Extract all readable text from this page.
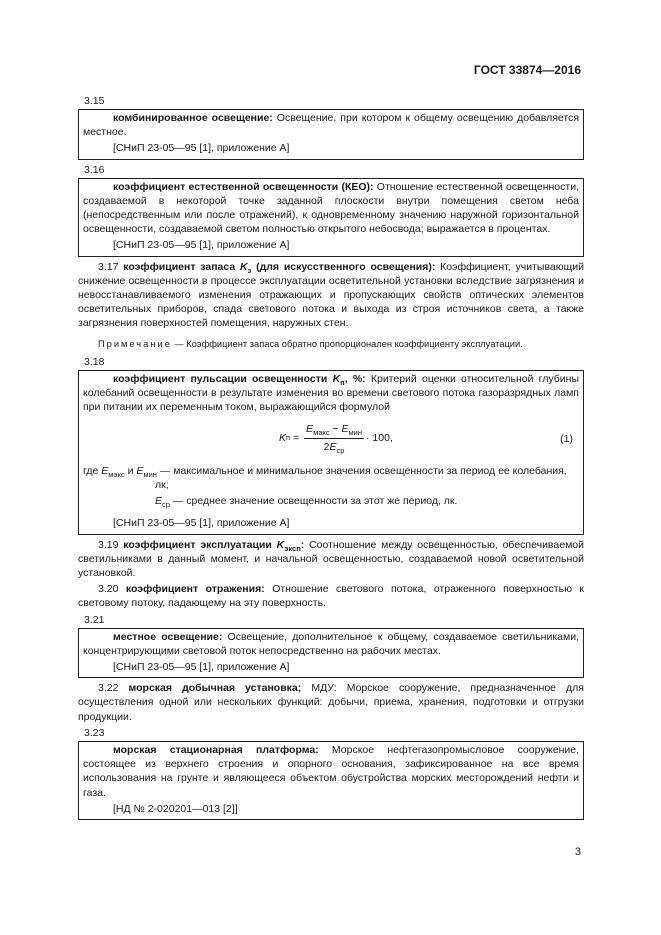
ГОСТ 33874—2016
3.15

комбинированное освещение: Освещение, при котором к общему освещению добавляется местное.

[СНиП 23-05—95 [1], приложение А]

3.16

коэффициент естественной освещенности (КЕО): Отношение естественной освещенности, создаваемой в некоторой точке заданной плоскости внутри помещения светом неба (непосредственным или после отражений), к одновременному значению наружной горизонтальной освещенности, создаваемой светом полностью открытого небосвода; выражается в процентах.

[СНиП 23-05—95 [1], приложение А]

3.17 коэффициент запаса $K_з$ (для искусственного освещения): Коэффициент, учитывающий снижение освещенности в процессе эксплуатации осветительной установки вследствие загрязнения и невосстанавливаемого изменения отражающих и пропускающих свойств оптических элементов осветительных приборов, спада светового потока и выхода из строя источников света, а также загрязнения поверхностей помещения, наружных стен.

Примечание — Коэффициент запаса обратно пропорционален коэффициенту эксплуатации.

3.18

коэффициент пульсации освещенности $K_п$, %: Критерий оценки относительной глубины колебаний освещенности в результате изменения во времени светового потока газоразрядных ламп при питании их переменным током, выражающийся формулой

K $п = \frac{E_{макс} - E_{мин}}{2E_{ср}} \cdot 100$,	(1)
где $E_{макс}$ и $E_{мин}$ — максимальное и минимальное значения освещенности за период ее колебания,
лк;
$E_{ср}$ — среднее значение освещенности за этот же период, лк.

[СНиП 23-05—95 [1], приложение А]

3.19 коэффициент эксплуатации $K_{эксп}$: Соотношение между освещенностью, обеспечиваемой светильниками в данный момент, и начальной освещенностью, создаваемой новой осветительной установкой.

3.20 коэффициент отражения: Отношение светового потока, отраженного поверхностью к световому потоку, падающему на эту поверхность.

3.21

местное освещение: Освещение, дополнительное к общему, создаваемое светильниками, концентрирующими световой поток непосредственно на рабочих местах.

[СНиП 23-05—95 [1], приложение А]

3.22 морская добычная установка; МДУ: Морское сооружение, предназначенное для осуществления одной или нескольких функций: добычи, приема, хранения, подготовки и отгрузки продукции.

3.23

морская стационарная платформа: Морское нефтегазопромысловое сооружение, состоящее из верхнего строения и опорного основания, зафиксированное на все время использования на грунте и являющееся объектом обустройства морских месторождений нефти и газа.

[НД № 2-020201—013 [2]]

3
